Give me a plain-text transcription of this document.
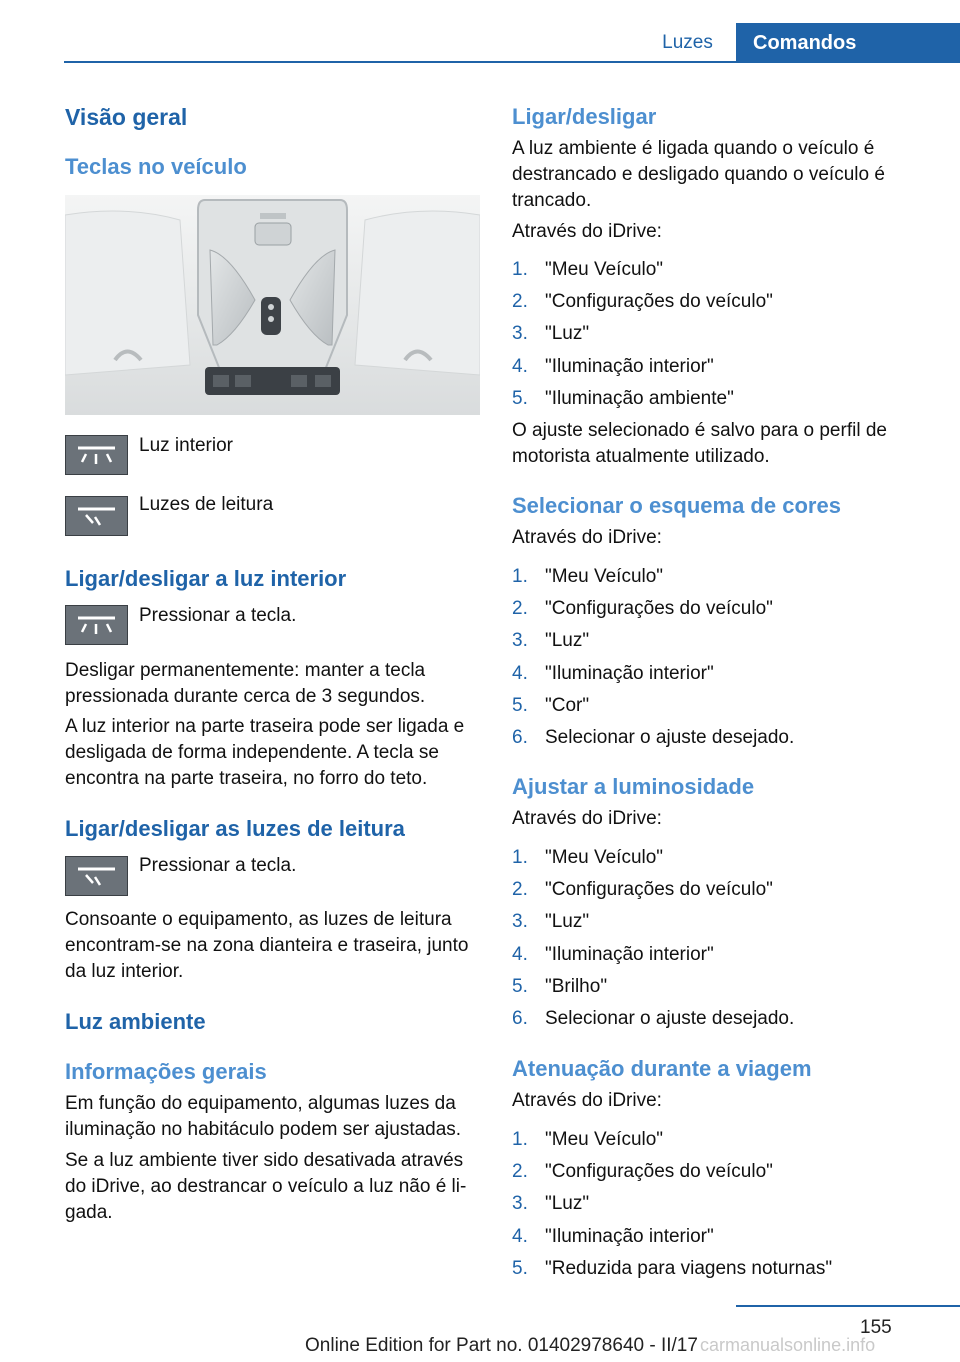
Luzes	Comandos
Visão geral
Teclas no veículo
Luz interior
Luzes de leitura
Ligar/desligar a luz interior
Pressionar a tecla.

Desligar permanentemente: manter a tecla pressionada durante cerca de 3 segundos.

A luz interior na parte traseira pode ser ligada e desligada de forma independente. A tecla se encontra na parte traseira, no forro do teto.

Ligar/desligar as luzes de leitura
Pressionar a tecla.

Consoante o equipamento, as luzes de leitura encontram-se na zona dianteira e traseira, junto da luz interior.

Luz ambiente
Informações gerais

Em função do equipamento, algumas luzes da iluminação no habitáculo podem ser ajustadas.

Se a luz ambiente tiver sido desativada através do iDrive, ao destrancar o veículo a luz não é li-gada.

Ligar/desligar

A luz ambiente é ligada quando o veículo é destrancado e desligado quando o veículo é trancado.

Através do iDrive:

1. "Meu Veículo"
2. "Configurações do veículo"
3. "Luz"
4. "Iluminação interior"
5. "Iluminação ambiente"

O ajuste selecionado é salvo para o perfil de motorista atualmente utilizado.

Selecionar o esquema de cores

Através do iDrive:

1. "Meu Veículo"
2. "Configurações do veículo"
3. "Luz"
4. "Iluminação interior"
5. "Cor"
6. Selecionar o ajuste desejado.
Ajustar a luminosidade

Através do iDrive:

1. "Meu Veículo"
2. "Configurações do veículo"
3. "Luz"
4. "Iluminação interior"
5. "Brilho"
6. Selecionar o ajuste desejado.
Atenuação durante a viagem

Através do iDrive:

1. "Meu Veículo"
2. "Configurações do veículo"
3. "Luz"
4. "Iluminação interior"
5. "Reduzida para viagens noturnas"
155
Online Edition for Part no. 01402978640 - II/17 carmanualsonline.info
